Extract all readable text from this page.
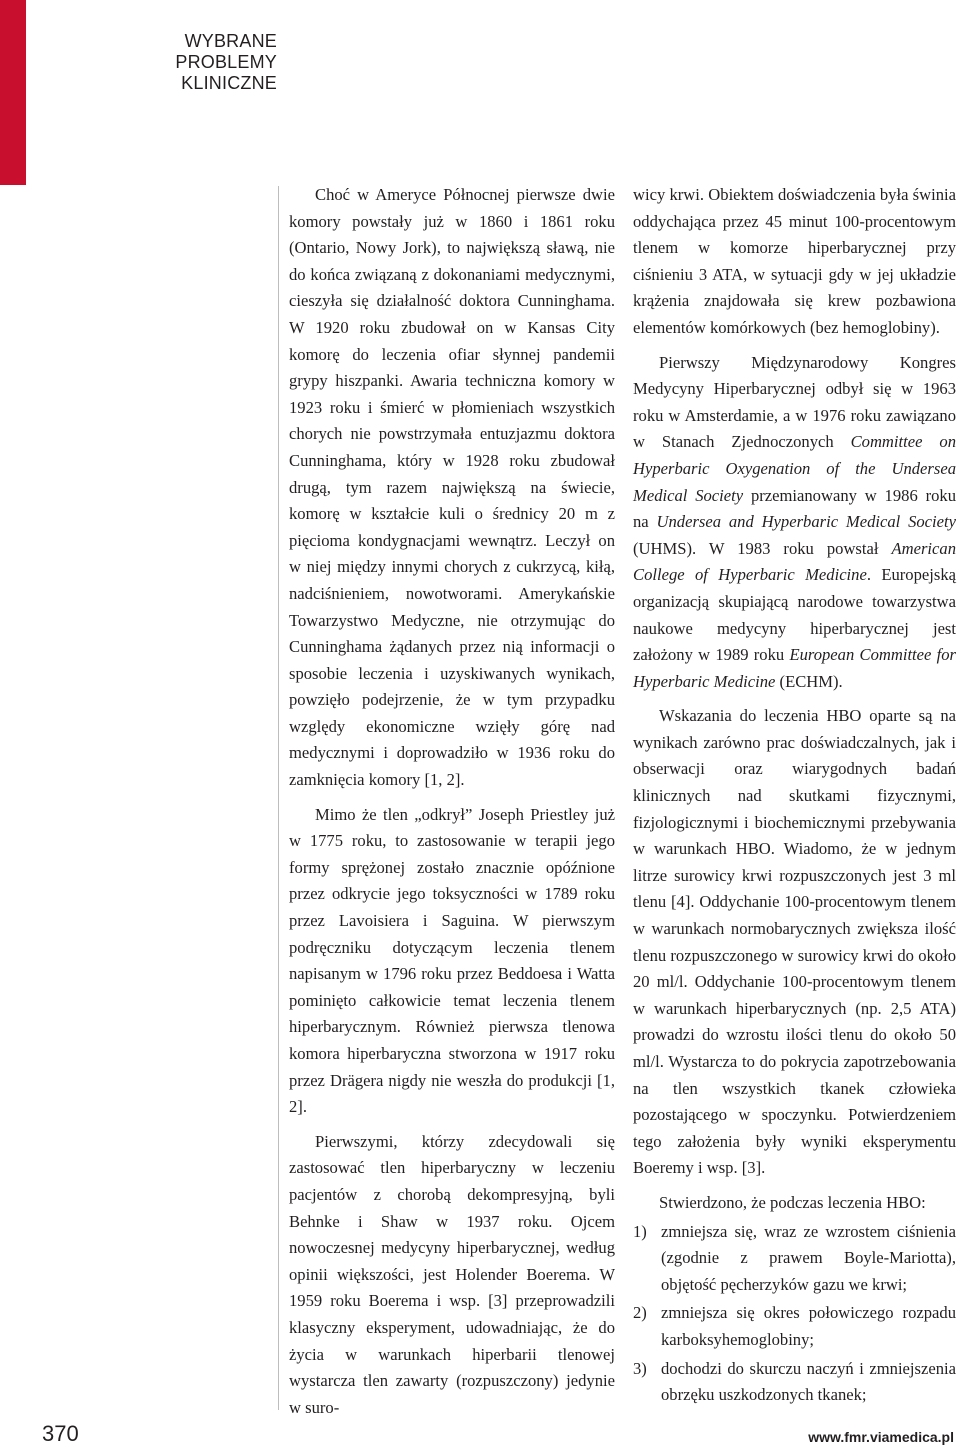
WYBRANE
PROBLEMY
KLINICZNE

Choć w Ameryce Północnej pierwsze dwie komory powstały już w 1860 i 1861 roku (Ontario, Nowy Jork), to największą sławą, nie do końca związaną z dokonaniami medycznymi, cieszyła się działalność doktora Cunninghama. W 1920 roku zbudował on w Kansas City komorę do leczenia ofiar słynnej pandemii grypy hiszpanki. Awaria techniczna komory w 1923 roku i śmierć w płomieniach wszystkich chorych nie powstrzymała entuzjazmu doktora Cunninghama, który w 1928 roku zbudował drugą, tym razem największą na świecie, komorę w kształcie kuli o średnicy 20 m z pięcioma kondygnacjami wewnątrz. Leczył on w niej między innymi chorych z cukrzycą, kiłą, nadciśnieniem, nowotworami. Amerykańskie Towarzystwo Medyczne, nie otrzymując do Cunninghama żądanych przez nią informacji o sposobie leczenia i uzyskiwanych wynikach, powzięło podejrzenie, że w tym przypadku względy ekonomiczne wzięły górę nad medycznymi i doprowadziło w 1936 roku do zamknięcia komory [1, 2].

Mimo że tlen „odkrył” Joseph Priestley już w 1775 roku, to zastosowanie w terapii jego formy sprężonej zostało znacznie opóźnione przez odkrycie jego toksyczności w 1789 roku przez Lavoisiera i Saguina. W pierwszym podręczniku dotyczącym leczenia tlenem napisanym w 1796 roku przez Beddoesa i Watta pominięto całkowicie temat leczenia tlenem hiperbarycznym. Również pierwsza tlenowa komora hiperbaryczna stworzona w 1917 roku przez Drägera nigdy nie weszła do produkcji [1, 2].

Pierwszymi, którzy zdecydowali się zastosować tlen hiperbaryczny w leczeniu pacjentów z chorobą dekompresyjną, byli Behnke i Shaw w 1937 roku. Ojcem nowoczesnej medycyny hiperbarycznej, według opinii większości, jest Holender Boerema. W 1959 roku Boerema i wsp. [3] przeprowadzili klasyczny eksperyment, udowadniając, że do życia w warunkach hiperbarii tlenowej wystarcza tlen zawarty (rozpuszczony) jedynie w suro-

wicy krwi. Obiektem doświadczenia była świnia oddychająca przez 45 minut 100-procentowym tlenem w komorze hiperbarycznej przy ciśnieniu 3 ATA, w sytuacji gdy w jej układzie krążenia znajdowała się krew pozbawiona elementów komórkowych (bez hemoglobiny).

Pierwszy Międzynarodowy Kongres Medycyny Hiperbarycznej odbył się w 1963 roku w Amsterdamie, a w 1976 roku zawiązano w Stanach Zjednoczonych Committee on Hyperbaric Oxygenation of the Undersea Medical Society przemianowany w 1986 roku na Undersea and Hyperbaric Medical Society (UHMS). W 1983 roku powstał American College of Hyperbaric Medicine. Europejską organizacją skupiającą narodowe towarzystwa naukowe medycyny hiperbarycznej jest założony w 1989 roku European Committee for Hyperbaric Medicine (ECHM).

Wskazania do leczenia HBO oparte są na wynikach zarówno prac doświadczalnych, jak i obserwacji oraz wiarygodnych badań klinicznych nad skutkami fizycznymi, fizjologicznymi i biochemicznymi przebywania w warunkach HBO. Wiadomo, że w jednym litrze surowicy krwi rozpuszczonych jest 3 ml tlenu [4]. Oddychanie 100-procentowym tlenem w warunkach normobarycznych zwiększa ilość tlenu rozpuszczonego w surowicy krwi do około 20 ml/l. Oddychanie 100-procentowym tlenem w warunkach hiperbarycznych (np. 2,5 ATA) prowadzi do wzrostu ilości tlenu do około 50 ml/l. Wystarcza to do pokrycia zapotrzebowania na tlen wszystkich tkanek człowieka pozostającego w spoczynku. Potwierdzeniem tego założenia były wyniki eksperymentu Boeremy i wsp. [3].

Stwierdzono, że podczas leczenia HBO:

1) zmniejsza się, wraz ze wzrostem ciśnienia (zgodnie z prawem Boyle-Mariotta), objętość pęcherzyków gazu we krwi;
2) zmniejsza się okres połowiczego rozpadu karboksyhemoglobiny;
3) dochodzi do skurczu naczyń i zmniejszenia obrzęku uszkodzonych tkanek;
370	www.fmr.viamedica.pl
